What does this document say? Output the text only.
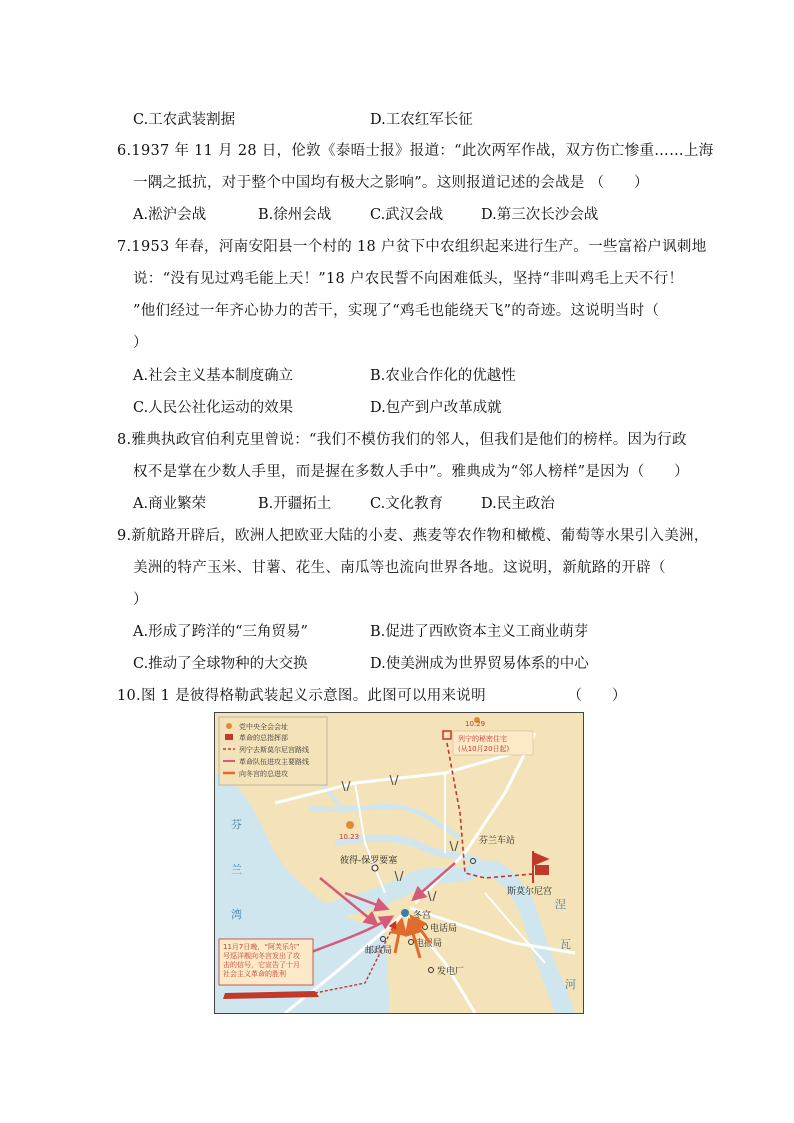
C.工农武装割据	D.工农红军长征
6.1937 年 11 月 28 日，伦敦《泰晤士报》报道：“此次两军作战，双方伤亡惨重……上海
一隅之抵抗，对于整个中国均有极大之影响”。这则报道记述的会战是 （　　）
A.淞沪会战	B.徐州会战	C.武汉会战	D.第三次长沙会战
7.1953 年春，河南安阳县一个村的 18 户贫下中农组织起来进行生产。一些富裕户讽刺地
说：“没有见过鸡毛能上天！”18 户农民誓不向困难低头，坚持“非叫鸡毛上天不行！
”他们经过一年齐心协力的苦干，实现了“鸡毛也能绕天飞”的奇迹。这说明当时（
）
A.社会主义基本制度确立	B.农业合作化的优越性
C.人民公社化运动的效果	D.包产到户改革成就
8.雅典执政官伯利克里曾说：“我们不模仿我们的邻人，但我们是他们的榜样。因为行政
权不是掌在少数人手里，而是握在多数人手中”。雅典成为“邻人榜样”是因为（　　）
A.商业繁荣	B.开疆拓土	C.文化教育	D.民主政治
9.新航路开辟后，欧洲人把欧亚大陆的小麦、燕麦等农作物和橄榄、葡萄等水果引入美洲，
美洲的特产玉米、甘薯、花生、南瓜等也流向世界各地。这说明，新航路的开辟（
）
A.形成了跨洋的“三角贸易”	B.促进了西欧资本主义工商业萌芽
C.推动了全球物种的大交换	D.使美洲成为世界贸易体系的中心
10.图 1 是彼得格勒武装起义示意图。此图可以用来说明　　　　　　（　　）
党中央全会会址
革命的总指挥部
列宁去斯莫尔尼宫路线
革命队伍进攻主要路线
向冬宫的总进攻
10.29
列宁的秘密住宅
(从10月20日起)
10.23
彼得-保罗要塞
芬兰车站
斯莫尔尼宫
冬宫
电话局
邮政局
电报局
发电厂
11月7日晚，“阿芙乐尔”
号巡洋舰向冬宫发出了攻
击的信号，它宣告了十月
社会主义革命的胜利
芬
兰
湾
涅
瓦
河
